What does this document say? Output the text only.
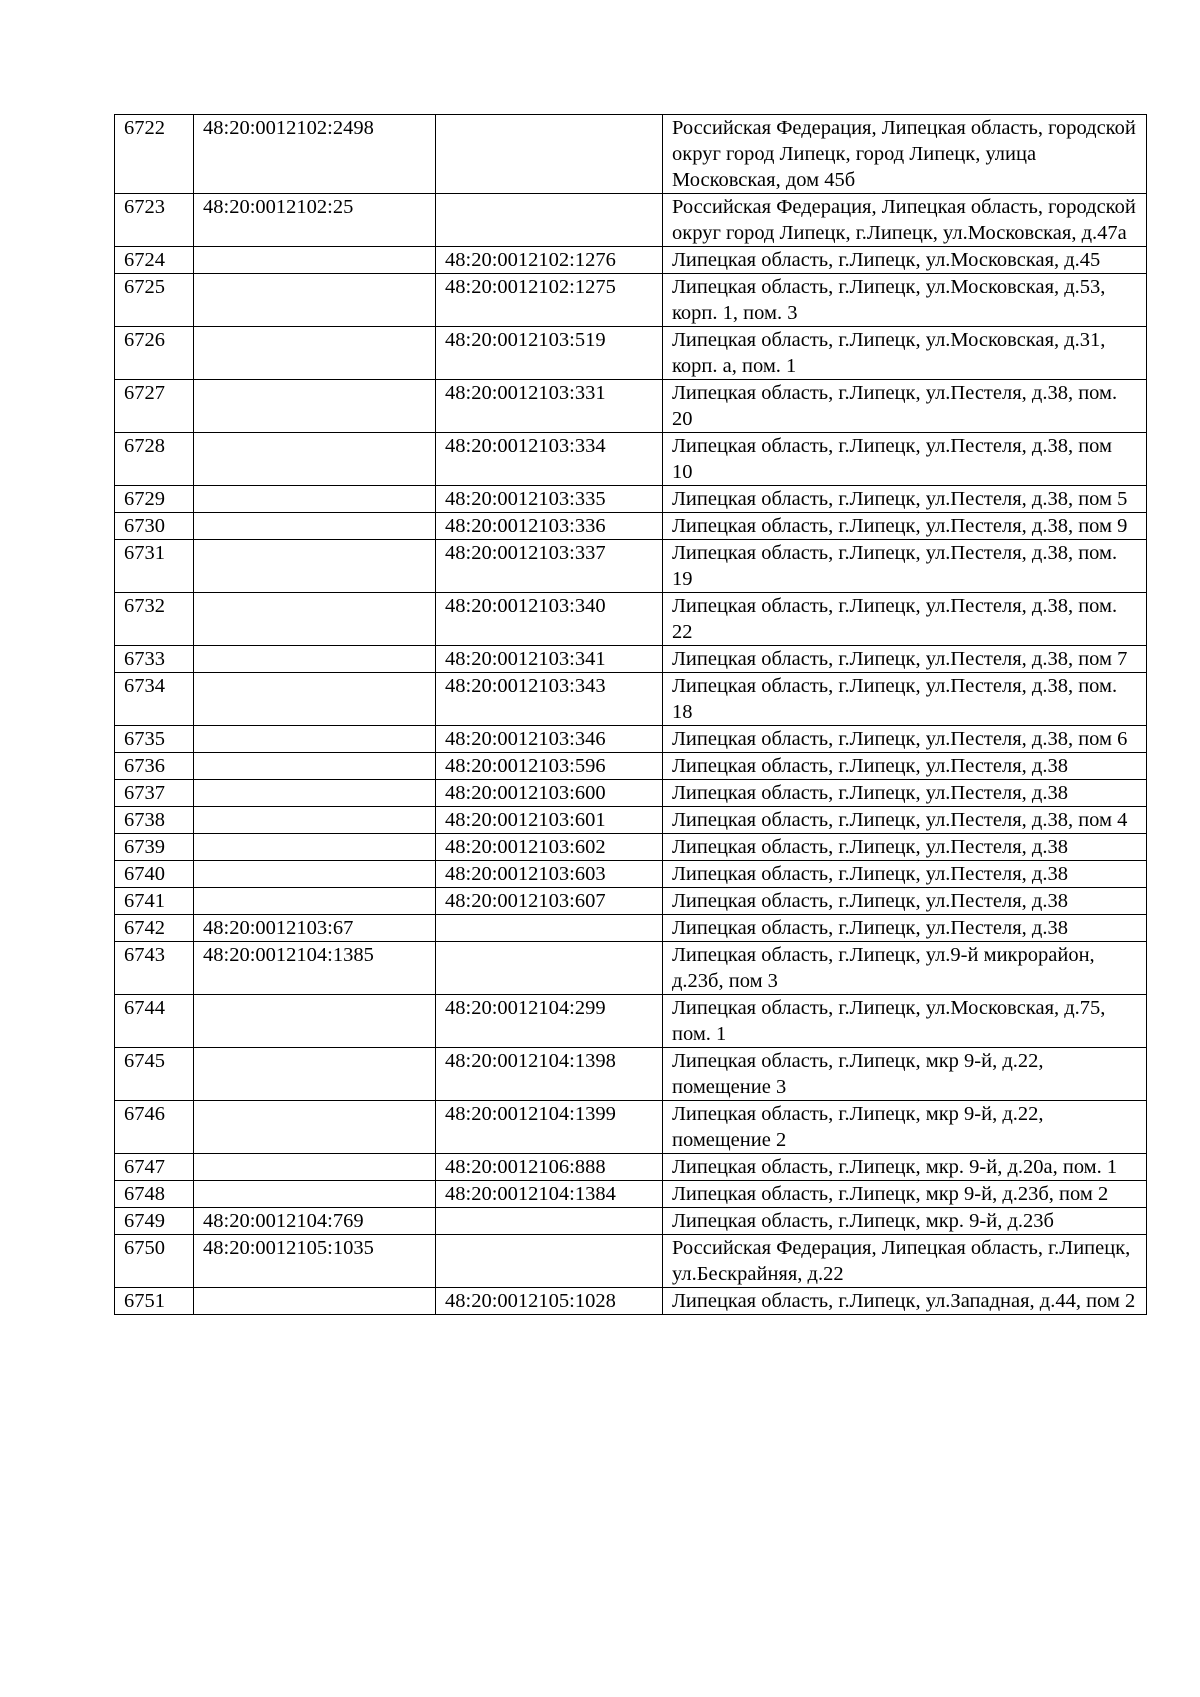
6722	48:20:0012102:2498		Российская Федерация, Липецкая область, городской округ город Липецк, город Липецк, улица Московская, дом 45б
6723	48:20:0012102:25		Российская Федерация, Липецкая область, городской округ город Липецк, г.Липецк, ул.Московская, д.47а
6724		48:20:0012102:1276	Липецкая область, г.Липецк, ул.Московская, д.45
6725		48:20:0012102:1275	Липецкая область, г.Липецк, ул.Московская, д.53, корп. 1, пом. 3
6726		48:20:0012103:519	Липецкая область, г.Липецк, ул.Московская, д.31, корп. а, пом. 1
6727		48:20:0012103:331	Липецкая область, г.Липецк, ул.Пестеля, д.38, пом. 20
6728		48:20:0012103:334	Липецкая область, г.Липецк, ул.Пестеля, д.38, пом 10
6729		48:20:0012103:335	Липецкая область, г.Липецк, ул.Пестеля, д.38, пом 5
6730		48:20:0012103:336	Липецкая область, г.Липецк, ул.Пестеля, д.38, пом 9
6731		48:20:0012103:337	Липецкая область, г.Липецк, ул.Пестеля, д.38, пом. 19
6732		48:20:0012103:340	Липецкая область, г.Липецк, ул.Пестеля, д.38, пом. 22
6733		48:20:0012103:341	Липецкая область, г.Липецк, ул.Пестеля, д.38, пом 7
6734		48:20:0012103:343	Липецкая область, г.Липецк, ул.Пестеля, д.38, пом. 18
6735		48:20:0012103:346	Липецкая область, г.Липецк, ул.Пестеля, д.38, пом 6
6736		48:20:0012103:596	Липецкая область, г.Липецк, ул.Пестеля, д.38
6737		48:20:0012103:600	Липецкая область, г.Липецк, ул.Пестеля, д.38
6738		48:20:0012103:601	Липецкая область, г.Липецк, ул.Пестеля, д.38, пом 4
6739		48:20:0012103:602	Липецкая область, г.Липецк, ул.Пестеля, д.38
6740		48:20:0012103:603	Липецкая область, г.Липецк, ул.Пестеля, д.38
6741		48:20:0012103:607	Липецкая область, г.Липецк, ул.Пестеля, д.38
6742	48:20:0012103:67		Липецкая область, г.Липецк, ул.Пестеля, д.38
6743	48:20:0012104:1385		Липецкая область, г.Липецк, ул.9-й микрорайон, д.23б, пом 3
6744		48:20:0012104:299	Липецкая область, г.Липецк, ул.Московская, д.75, пом. 1
6745		48:20:0012104:1398	Липецкая область, г.Липецк, мкр 9-й, д.22, помещение 3
6746		48:20:0012104:1399	Липецкая область, г.Липецк, мкр 9-й, д.22, помещение 2
6747		48:20:0012106:888	Липецкая область, г.Липецк, мкр. 9-й, д.20а, пом. 1
6748		48:20:0012104:1384	Липецкая область, г.Липецк, мкр 9-й, д.23б, пом 2
6749	48:20:0012104:769		Липецкая область, г.Липецк, мкр. 9-й, д.23б
6750	48:20:0012105:1035		Российская Федерация, Липецкая область, г.Липецк, ул.Бескрайняя, д.22
6751		48:20:0012105:1028	Липецкая область, г.Липецк, ул.Западная, д.44, пом 2
